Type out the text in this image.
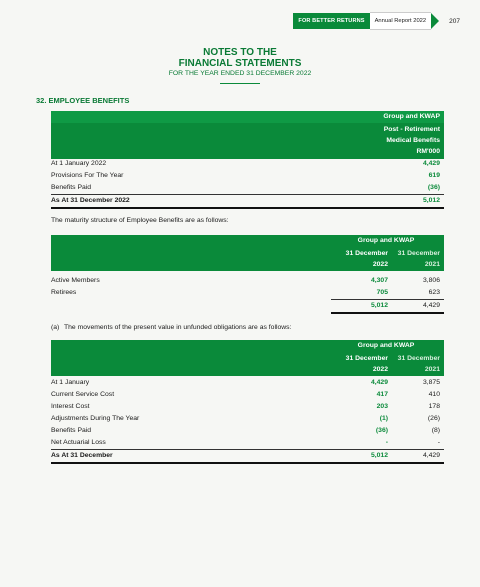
FOR BETTER RETURNS	Annual Report 2022	207
NOTES TO THE
FINANCIAL STATEMENTS
FOR THE YEAR ENDED 31 DECEMBER 2022
32. EMPLOYEE BENEFITS
Group and KWAP
Post - Retirement
Medical Benefits
RM'000
At 1 January 2022	4,429
Provisions For The Year	619
Benefits Paid	(36)
As At 31 December 2022	5,012
The maturity structure of Employee Benefits are as follows:
Group and KWAP
31 December
2022
31 December
2021
Active Members	4,307	3,806
Retirees	705	623
5,012	4,429
(a) The movements of the present value in unfunded obligations are as follows:
Group and KWAP
31 December
2022
31 December
2021
At 1 January	4,429	3,875
Current Service Cost	417	410
Interest Cost	203	178
Adjustments During The Year	(1)	(26)
Benefits Paid	(36)	(8)
Net Actuarial Loss	-	-
As At 31 December	5,012	4,429
